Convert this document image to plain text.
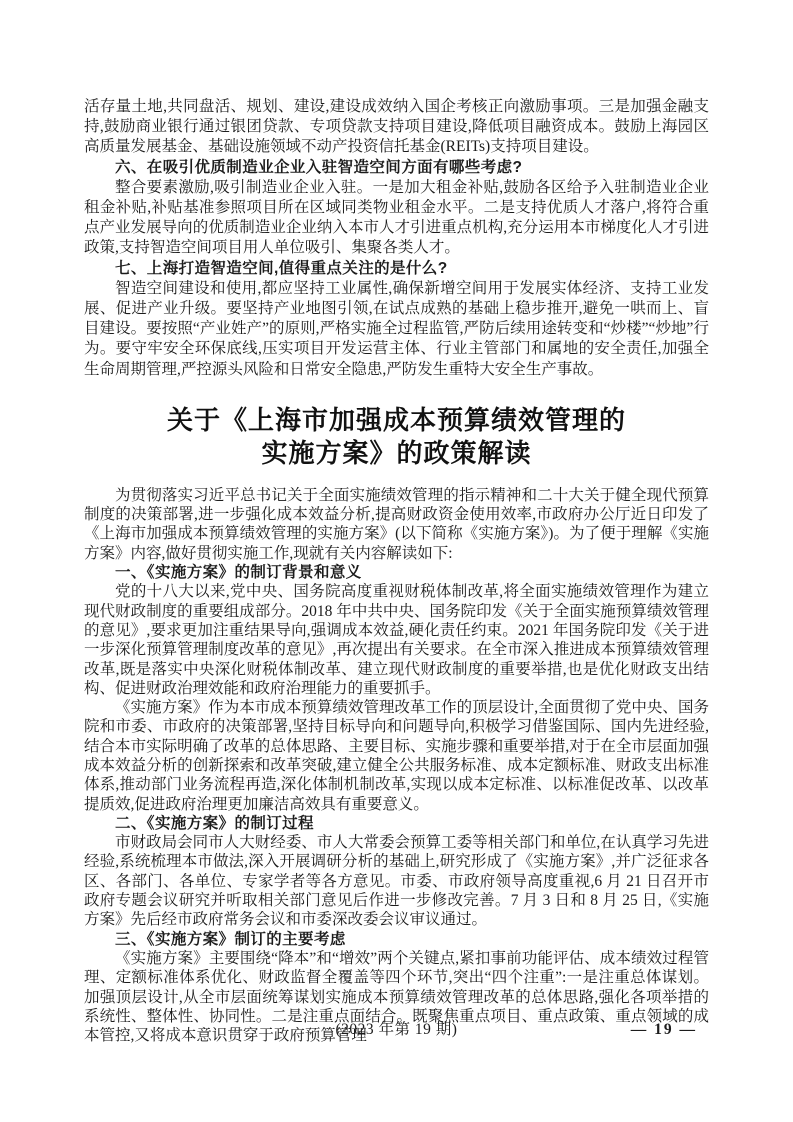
活存量土地,共同盘活、规划、建设,建设成效纳入国企考核正向激励事项。三是加强金融支持,鼓励商业银行通过银团贷款、专项贷款支持项目建设,降低项目融资成本。鼓励上海园区高质量发展基金、基础设施领域不动产投资信托基金(REITs)支持项目建设。

六、在吸引优质制造业企业入驻智造空间方面有哪些考虑?

整合要素激励,吸引制造业企业入驻。一是加大租金补贴,鼓励各区给予入驻制造业企业租金补贴,补贴基准参照项目所在区域同类物业租金水平。二是支持优质人才落户,将符合重点产业发展导向的优质制造业企业纳入本市人才引进重点机构,充分运用本市梯度化人才引进政策,支持智造空间项目用人单位吸引、集聚各类人才。

七、上海打造智造空间,值得重点关注的是什么?

智造空间建设和使用,都应坚持工业属性,确保新增空间用于发展实体经济、支持工业发展、促进产业升级。要坚持产业地图引领,在试点成熟的基础上稳步推开,避免一哄而上、盲目建设。要按照“产业姓产”的原则,严格实施全过程监管,严防后续用途转变和“炒楼”“炒地”行为。要守牢安全环保底线,压实项目开发运营主体、行业主管部门和属地的安全责任,加强全生命周期管理,严控源头风险和日常安全隐患,严防发生重特大安全生产事故。

关于《上海市加强成本预算绩效管理的
实施方案》的政策解读

为贯彻落实习近平总书记关于全面实施绩效管理的指示精神和二十大关于健全现代预算制度的决策部署,进一步强化成本效益分析,提高财政资金使用效率,市政府办公厅近日印发了《上海市加强成本预算绩效管理的实施方案》(以下简称《实施方案》)。为了便于理解《实施方案》内容,做好贯彻实施工作,现就有关内容解读如下:

一、《实施方案》的制订背景和意义

党的十八大以来,党中央、国务院高度重视财税体制改革,将全面实施绩效管理作为建立现代财政制度的重要组成部分。2018 年中共中央、国务院印发《关于全面实施预算绩效管理的意见》,要求更加注重结果导向,强调成本效益,硬化责任约束。2021 年国务院印发《关于进一步深化预算管理制度改革的意见》,再次提出有关要求。在全市深入推进成本预算绩效管理改革,既是落实中央深化财税体制改革、建立现代财政制度的重要举措,也是优化财政支出结构、促进财政治理效能和政府治理能力的重要抓手。

《实施方案》作为本市成本预算绩效管理改革工作的顶层设计,全面贯彻了党中央、国务院和市委、市政府的决策部署,坚持目标导向和问题导向,积极学习借鉴国际、国内先进经验,结合本市实际明确了改革的总体思路、主要目标、实施步骤和重要举措,对于在全市层面加强成本效益分析的创新探索和改革突破,建立健全公共服务标准、成本定额标准、财政支出标准体系,推动部门业务流程再造,深化体制机制改革,实现以成本定标准、以标准促改革、以改革提质效,促进政府治理更加廉洁高效具有重要意义。

二、《实施方案》的制订过程

市财政局会同市人大财经委、市人大常委会预算工委等相关部门和单位,在认真学习先进经验,系统梳理本市做法,深入开展调研分析的基础上,研究形成了《实施方案》,并广泛征求各区、各部门、各单位、专家学者等各方意见。市委、市政府领导高度重视,6 月 21 日召开市政府专题会议研究并听取相关部门意见后作进一步修改完善。7 月 3 日和 8 月 25 日,《实施方案》先后经市政府常务会议和市委深改委会议审议通过。

三、《实施方案》制订的主要考虑

《实施方案》主要围绕“降本”和“增效”两个关键点,紧扣事前功能评估、成本绩效过程管理、定额标准体系优化、财政监督全覆盖等四个环节,突出“四个注重”:一是注重总体谋划。加强顶层设计,从全市层面统筹谋划实施成本预算绩效管理改革的总体思路,强化各项举措的系统性、整体性、协同性。二是注重点面结合。既聚焦重点项目、重点政策、重点领域的成本管控,又将成本意识贯穿于政府预算管理

(2023 年第 19 期)	— 19 —
